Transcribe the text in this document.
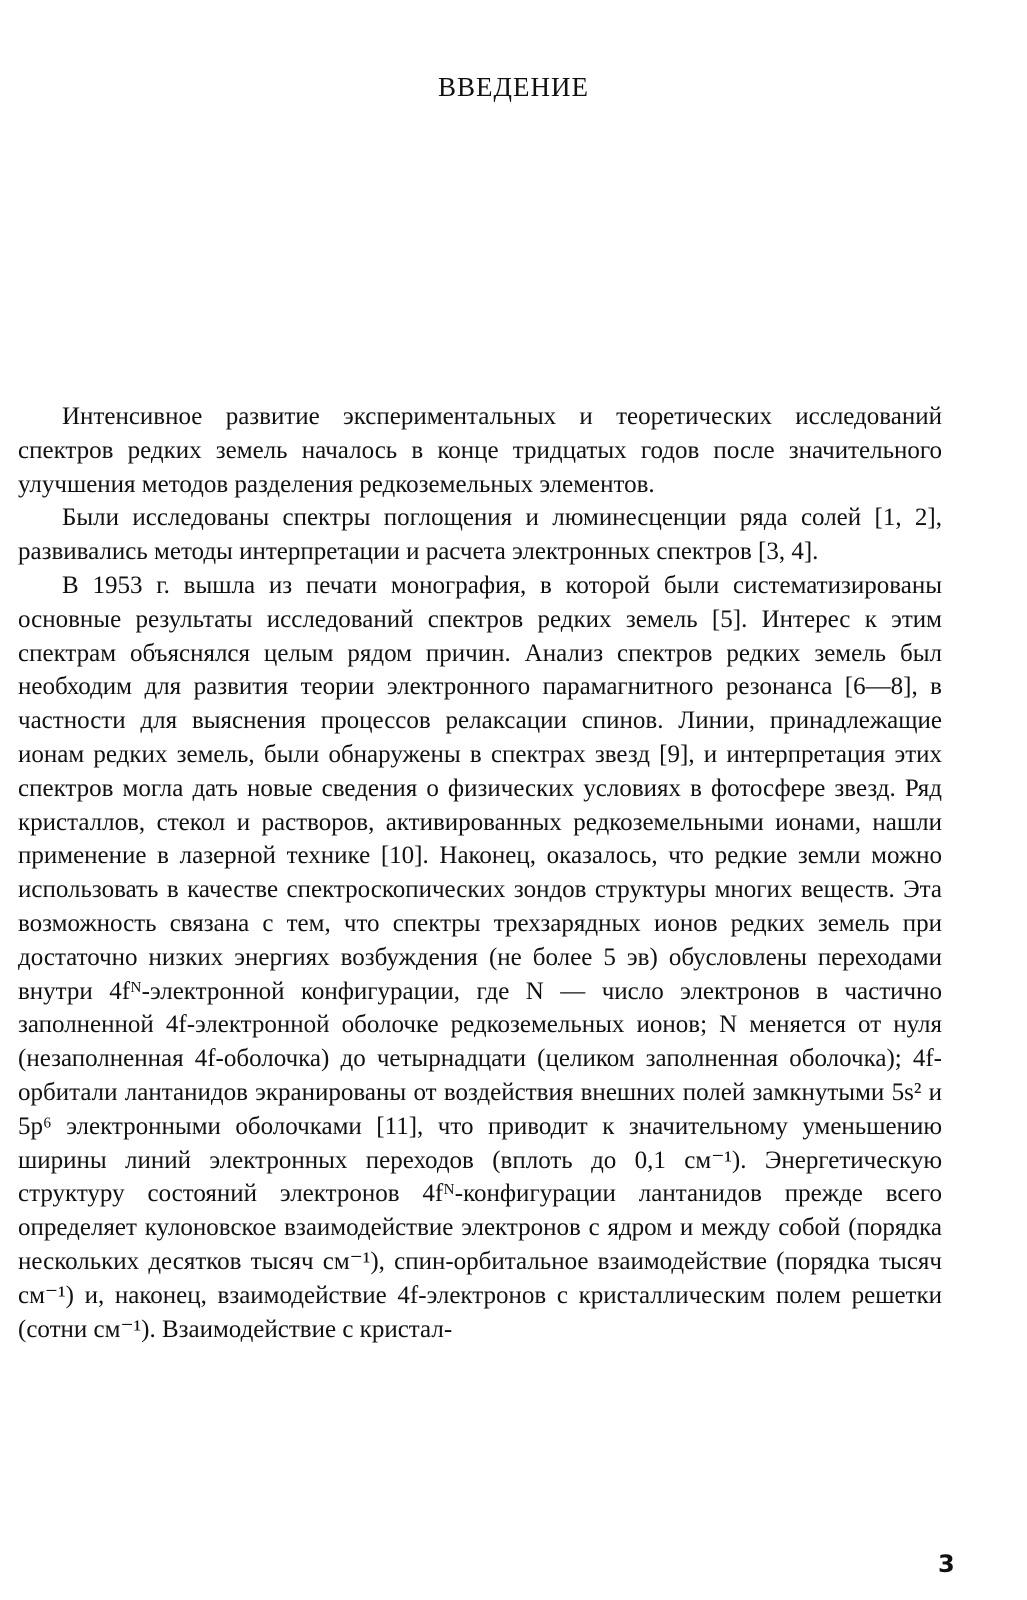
ВВЕДЕНИЕ

Интенсивное развитие экспериментальных и теоретических исследований спектров редких земель началось в конце тридцатых годов после значительного улучшения методов разделения редкоземельных элементов.

Были исследованы спектры поглощения и люминесценции ряда солей [1, 2], развивались методы интерпретации и расчета электронных спектров [3, 4].

В 1953 г. вышла из печати монография, в которой были систематизированы основные результаты исследований спектров редких земель [5]. Интерес к этим спектрам объяснялся целым рядом причин. Анализ спектров редких земель был необходим для развития теории электронного парамагнитного резонанса [6—8], в частности для выяснения процессов релаксации спинов. Линии, принадлежащие ионам редких земель, были обнаружены в спектрах звезд [9], и интерпретация этих спектров могла дать новые сведения о физических условиях в фотосфере звезд. Ряд кристаллов, стекол и растворов, активированных редкоземельными ионами, нашли применение в лазерной технике [10]. Наконец, оказалось, что редкие земли можно использовать в качестве спектроскопических зондов структуры многих веществ. Эта возможность связана с тем, что спектры трехзарядных ионов редких земель при достаточно низких энергиях возбуждения (не более 5 эв) обусловлены переходами внутри 4fᴺ-электронной конфигурации, где N — число электронов в частично заполненной 4f-электронной оболочке редкоземельных ионов; N меняется от нуля (незаполненная 4f-оболочка) до четырнадцати (целиком заполненная оболочка); 4f-орбитали лантанидов экранированы от воздействия внешних полей замкнутыми 5s² и 5p⁶ электронными оболочками [11], что приводит к значительному уменьшению ширины линий электронных переходов (вплоть до 0,1 см⁻¹). Энергетическую структуру состояний электронов 4fᴺ-конфигурации лантанидов прежде всего определяет кулоновское взаимодействие электронов с ядром и между собой (порядка нескольких десятков тысяч см⁻¹), спин-орбитальное взаимодействие (порядка тысяч см⁻¹) и, наконец, взаимодействие 4f-электронов с кристаллическим полем решетки (сотни см⁻¹). Взаимодействие с кристал-

3
